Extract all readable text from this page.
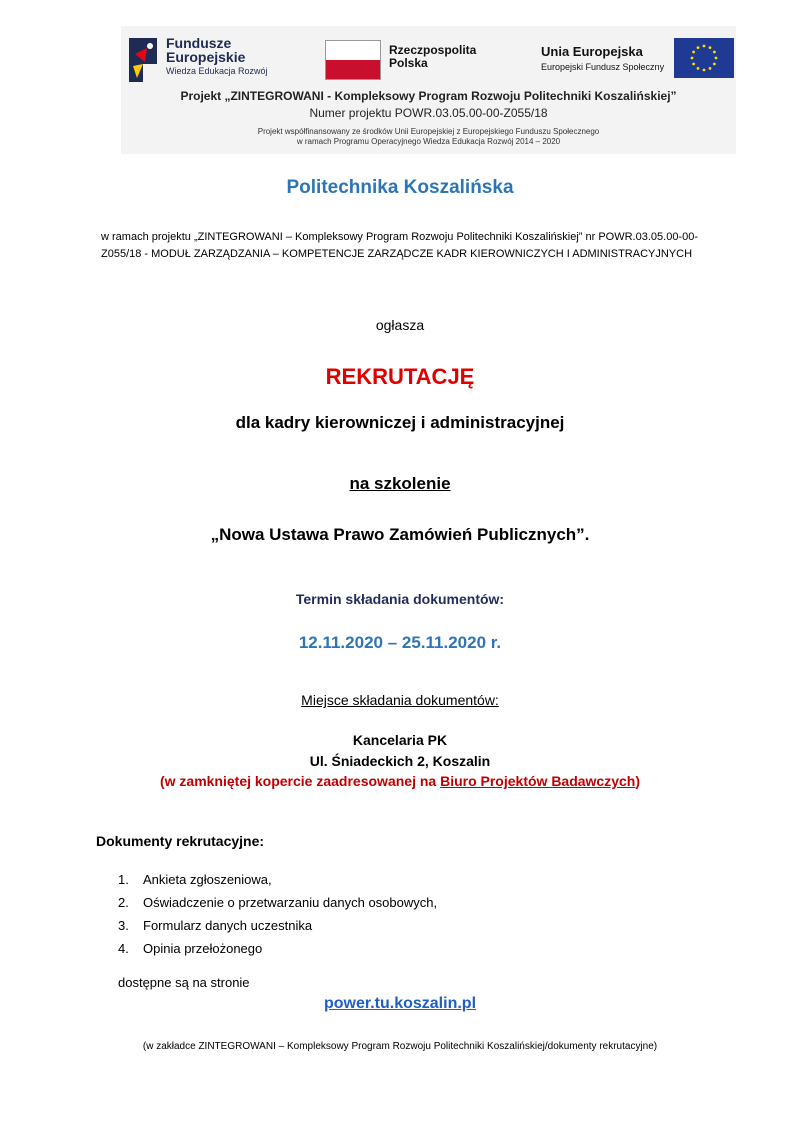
Fundusze
Europejskie
Wiedza Edukacja Rozwój
Rzeczpospolita
Polska
Unia Europejska
Europejski Fundusz Społeczny
Projekt „ZINTEGROWANI - Kompleksowy Program Rozwoju Politechniki Koszalińskiej”
Numer projektu POWR.03.05.00-00-Z055/18
Projekt współfinansowany ze środków Unii Europejskiej z Europejskiego Funduszu Społecznego
w ramach Programu Operacyjnego Wiedza Edukacja Rozwój 2014 – 2020
Politechnika Koszalińska
w ramach projektu „ZINTEGROWANI – Kompleksowy Program Rozwoju Politechniki Koszalińskiej” nr POWR.03.05.00-00- Z055/18 - MODUŁ ZARZĄDZANIA – KOMPETENCJE ZARZĄDCZE KADR KIEROWNICZYCH I ADMINISTRACYJNYCH
ogłasza
REKRUTACJĘ
dla kadry kierowniczej i administracyjnej
na szkolenie
„Nowa Ustawa Prawo Zamówień Publicznych”.
Termin składania dokumentów:
12.11.2020 – 25.11.2020 r.
Miejsce składania dokumentów:
Kancelaria PK
Ul. Śniadeckich 2, Koszalin
(w zamkniętej kopercie zaadresowanej na Biuro Projektów Badawczych)
Dokumenty rekrutacyjne:
1. Ankieta zgłoszeniowa,
2. Oświadczenie o przetwarzaniu danych osobowych,
3. Formularz danych uczestnika
4. Opinia przełożonego
dostępne są na stronie
power.tu.koszalin.pl
(w zakładce ZINTEGROWANI – Kompleksowy Program Rozwoju Politechniki Koszalińskiej/dokumenty rekrutacyjne)
